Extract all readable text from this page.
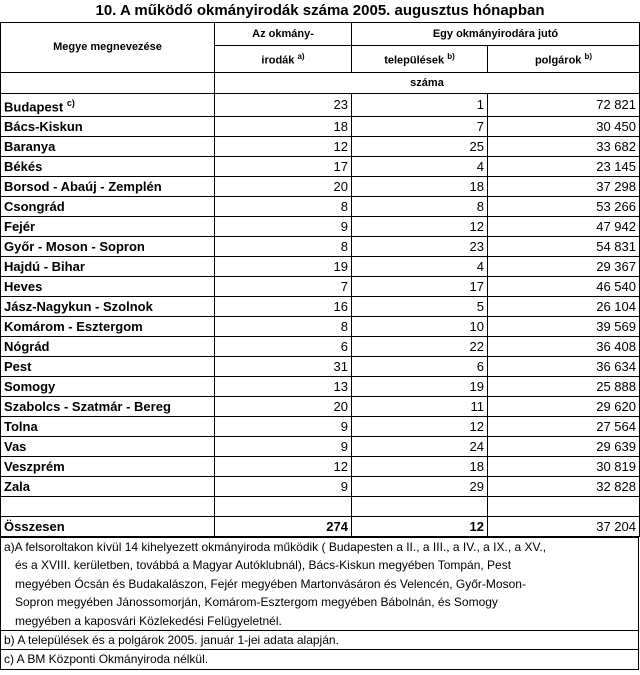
10. A működő okmányirodák száma 2005. augusztus hónapban
Megye megnevezése	Az okmány-	Egy okmányirodára jutó	
	irodák $^{a)}$	települések $^{b)}$	polgárok $^{b)}$
	száma		
Budapest $^{c)}$	23	1	72 821
Bács-Kiskun	18	7	30 450
Baranya	12	25	33 682
Békés	17	4	23 145
Borsod - Abaúj - Zemplén	20	18	37 298
Csongrád	8	8	53 266
Fejér	9	12	47 942
Győr - Moson - Sopron	8	23	54 831
Hajdú - Bihar	19	4	29 367
Heves	7	17	46 540
Jász-Nagykun - Szolnok	16	5	26 104
Komárom - Esztergom	8	10	39 569
Nógrád	6	22	36 408
Pest	31	6	36 634
Somogy	13	19	25 888
Szabolcs - Szatmár - Bereg	20	11	29 620
Tolna	9	12	27 564
Vas	9	24	29 639
Veszprém	12	18	30 819
Zala	9	29	32 828

Összesen	274	12	37 204
a)A felsoroltakon kívül 14 kihelyezett okmányiroda működik ( Budapesten a II., a III., a IV., a IX., a XV.,
és a XVIII. kerületben, továbbá a Magyar Autóklubnál), Bács-Kiskun megyében Tompán, Pest
megyében Ócsán és Budakalászon, Fejér megyében Martonvásáron és Velencén, Győr-Moson-
Sopron megyében Jánossomorján, Komárom-Esztergom megyében Bábolnán, és Somogy
megyében a kaposvári Közlekedési Felügyeletnél.
b) A települések és a polgárok 2005. január 1-jei adata alapján.
c) A BM Központi Okmányiroda nélkül.
